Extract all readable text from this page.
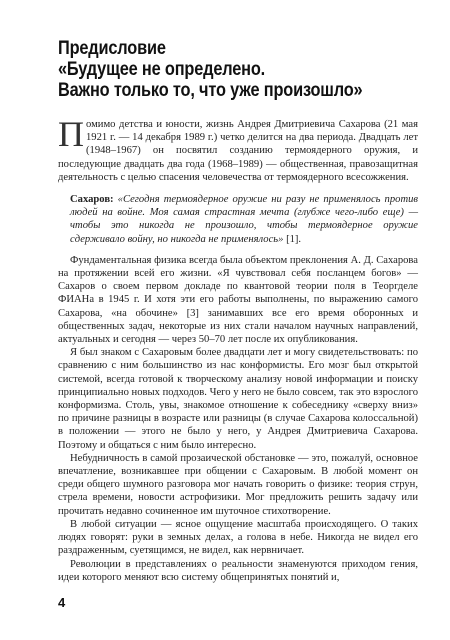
Предисловие
«Будущее не определено.
Важно только то, что уже произошло»

Помимо детства и юности, жизнь Андрея Дмитриевича Сахарова (21 мая 1921 г. — 14 декабря 1989 г.) четко делится на два периода. Двадцать лет (1948–1967) он посвятил созданию термоядерного оружия, и последующие двадцать два года (1968–1989) — общественная, правозащитная деятельность с целью спасения человечества от термоядерного всесожжения.

Сахаров: «Сегодня термоядерное оружие ни разу не применялось против людей на войне. Моя самая страстная мечта (глубже чего-либо еще) — чтобы это никогда не произошло, чтобы термоядерное оружие сдерживало войну, но никогда не применялось» [1].

Фундаментальная физика всегда была объектом преклонения А. Д. Сахарова на протяжении всей его жизни. «Я чувствовал себя посланцем богов» — Сахаров о своем первом докладе по квантовой теории поля в Теоргделе ФИАНа в 1945 г. И хотя эти его работы выполнены, по выражению самого Сахарова, «на обочине» [3] занимавших все его время оборонных и общественных задач, некоторые из них стали началом научных направлений, актуальных и сегодня — через 50–70 лет после их опубликования.

Я был знаком с Сахаровым более двадцати лет и могу свидетельствовать: по сравнению с ним большинство из нас конформисты. Его мозг был открытой системой, всегда готовой к творческому анализу новой информации и поиску принципиально новых подходов. Чего у него не было совсем, так это взрослого конформизма. Столь, увы, знакомое отношение к собеседнику «сверху вниз» по причине разницы в возрасте или разницы (в случае Сахарова колоссальной) в положении — этого не было у него, у Андрея Дмитриевича Сахарова. Поэтому и общаться с ним было интересно.

Небудничность в самой прозаической обстановке — это, пожалуй, основное впечатление, возникавшее при общении с Сахаровым. В любой момент он среди общего шумного разговора мог начать говорить о физике: теория струн, стрела времени, новости астрофизики. Мог предложить решить задачу или прочитать недавно сочиненное им шуточное стихотворение.

В любой ситуации — ясное ощущение масштаба происходящего. О таких людях говорят: руки в земных делах, а голова в небе. Никогда не видел его раздраженным, суетящимся, не видел, как нервничает.

Революции в представлениях о реальности знаменуются приходом гения, идеи которого меняют всю систему общепринятых понятий и,

4
